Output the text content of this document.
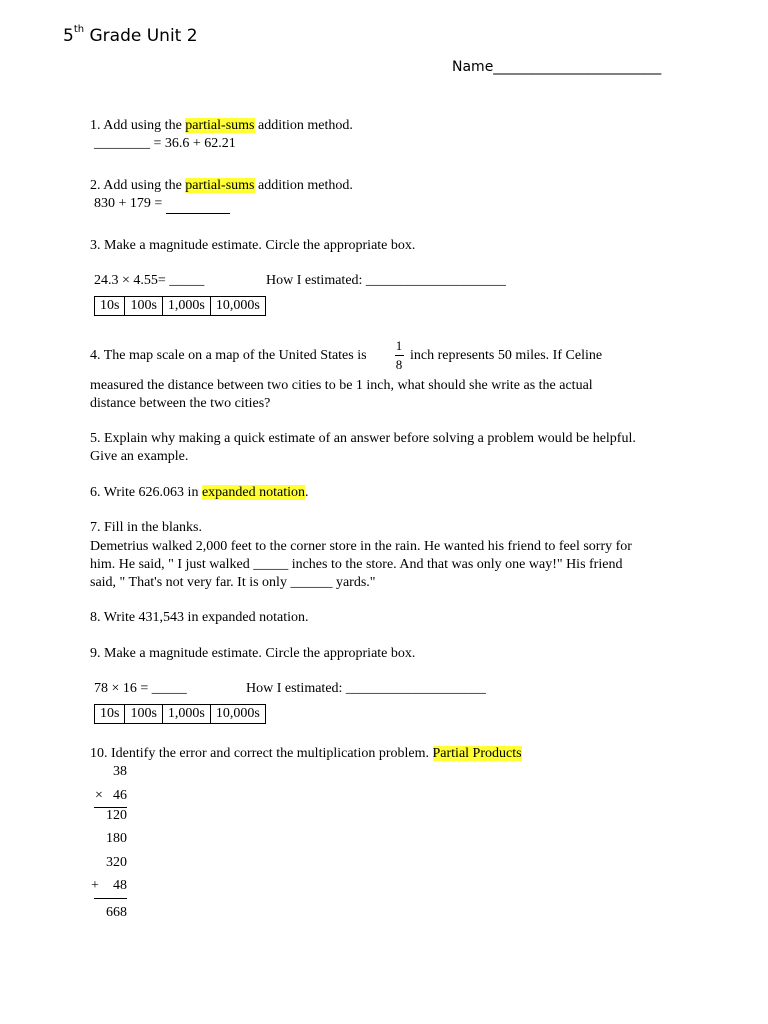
5th Grade Unit 2
Name________________________
1. Add using the partial-sums addition method.
________ = 36.6 + 62.21
2. Add using the partial-sums addition method.
830 + 179 =
3. Make a magnitude estimate. Circle the appropriate box.
24.3 × 4.55= _____	How I estimated: ____________________
10s	100s	1,000s	10,000s
4. The map scale on a map of the United States is
1
8
inch represents 50 miles. If Celine
measured the distance between two cities to be 1 inch, what should she write as the actual
distance between the two cities?
5. Explain why making a quick estimate of an answer before solving a problem would be helpful.
Give an example.
6. Write 626.063 in expanded notation.
7. Fill in the blanks.
Demetrius walked 2,000 feet to the corner store in the rain. He wanted his friend to feel sorry for
him. He said, " I just walked _____ inches to the store. And that was only one way!" His friend
said, " That's not very far. It is only ______ yards."
8. Write 431,543 in expanded notation.
9. Make a magnitude estimate. Circle the appropriate box.
78 × 16 = _____	How I estimated: ____________________
10s	100s	1,000s	10,000s
10. Identify the error and correct the multiplication problem. Partial Products
38
× 46
120
180
320
+	48
668
